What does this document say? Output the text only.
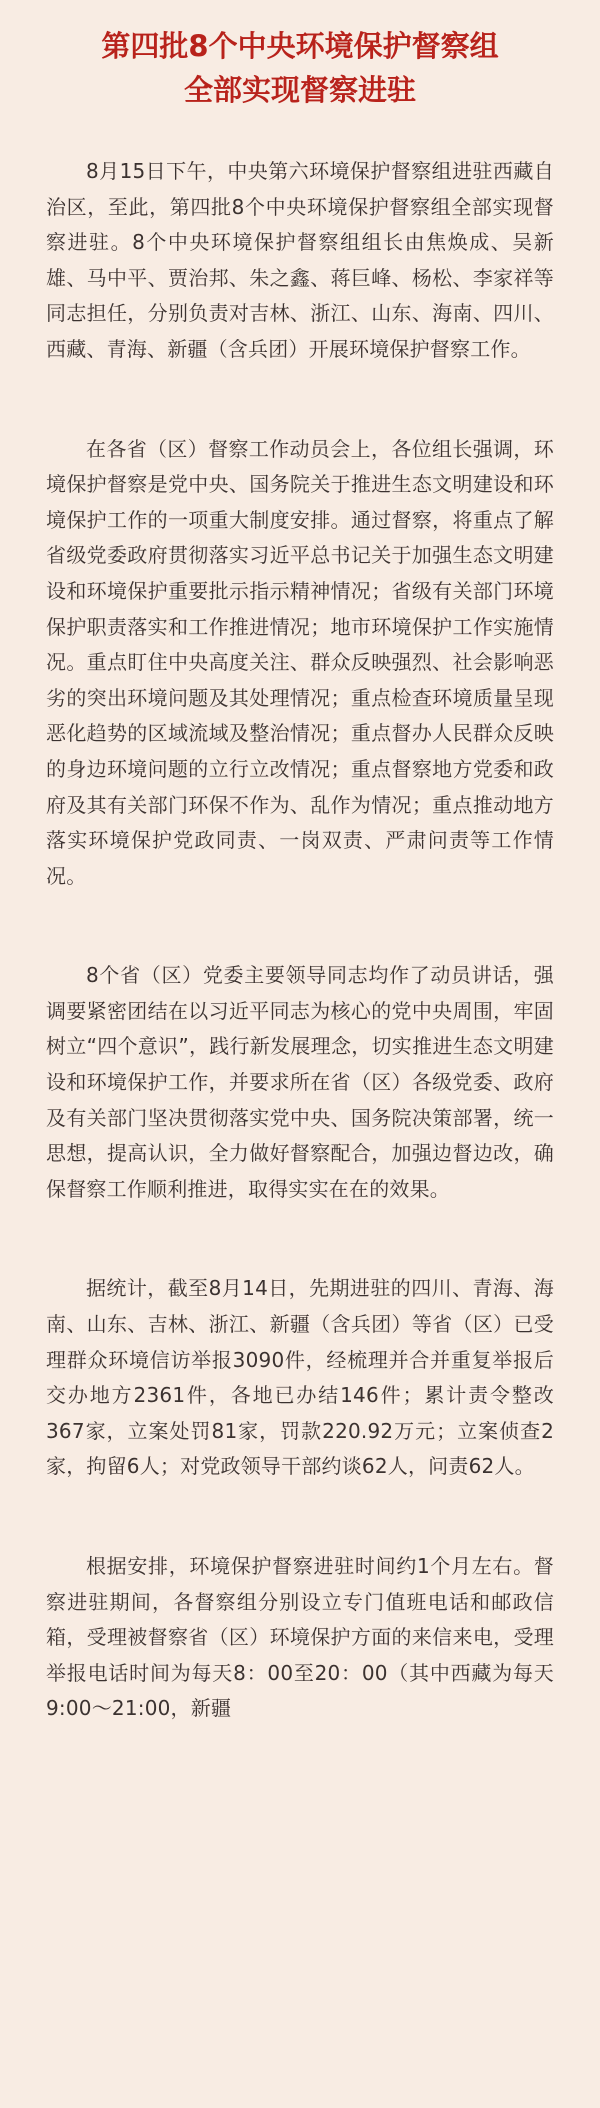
第四批8个中央环境保护督察组
全部实现督察进驻

8月15日下午，中央第六环境保护督察组进驻西藏自治区，至此，第四批8个中央环境保护督察组全部实现督察进驻。8个中央环境保护督察组组长由焦焕成、吴新雄、马中平、贾治邦、朱之鑫、蒋巨峰、杨松、李家祥等同志担任，分别负责对吉林、浙江、山东、海南、四川、西藏、青海、新疆（含兵团）开展环境保护督察工作。

在各省（区）督察工作动员会上，各位组长强调，环境保护督察是党中央、国务院关于推进生态文明建设和环境保护工作的一项重大制度安排。通过督察，将重点了解省级党委政府贯彻落实习近平总书记关于加强生态文明建设和环境保护重要批示指示精神情况；省级有关部门环境保护职责落实和工作推进情况；地市环境保护工作实施情况。重点盯住中央高度关注、群众反映强烈、社会影响恶劣的突出环境问题及其处理情况；重点检查环境质量呈现恶化趋势的区域流域及整治情况；重点督办人民群众反映的身边环境问题的立行立改情况；重点督察地方党委和政府及其有关部门环保不作为、乱作为情况；重点推动地方落实环境保护党政同责、一岗双责、严肃问责等工作情况。

8个省（区）党委主要领导同志均作了动员讲话，强调要紧密团结在以习近平同志为核心的党中央周围，牢固树立“四个意识”，践行新发展理念，切实推进生态文明建设和环境保护工作，并要求所在省（区）各级党委、政府及有关部门坚决贯彻落实党中央、国务院决策部署，统一思想，提高认识，全力做好督察配合，加强边督边改，确保督察工作顺利推进，取得实实在在的效果。

据统计，截至8月14日，先期进驻的四川、青海、海南、山东、吉林、浙江、新疆（含兵团）等省（区）已受理群众环境信访举报3090件，经梳理并合并重复举报后交办地方2361件，各地已办结146件；累计责令整改367家，立案处罚81家，罚款220.92万元；立案侦查2家，拘留6人；对党政领导干部约谈62人，问责62人。

根据安排，环境保护督察进驻时间约1个月左右。督察进驻期间，各督察组分别设立专门值班电话和邮政信箱，受理被督察省（区）环境保护方面的来信来电，受理举报电话时间为每天8：00至20：00（其中西藏为每天9:00～21:00，新疆
